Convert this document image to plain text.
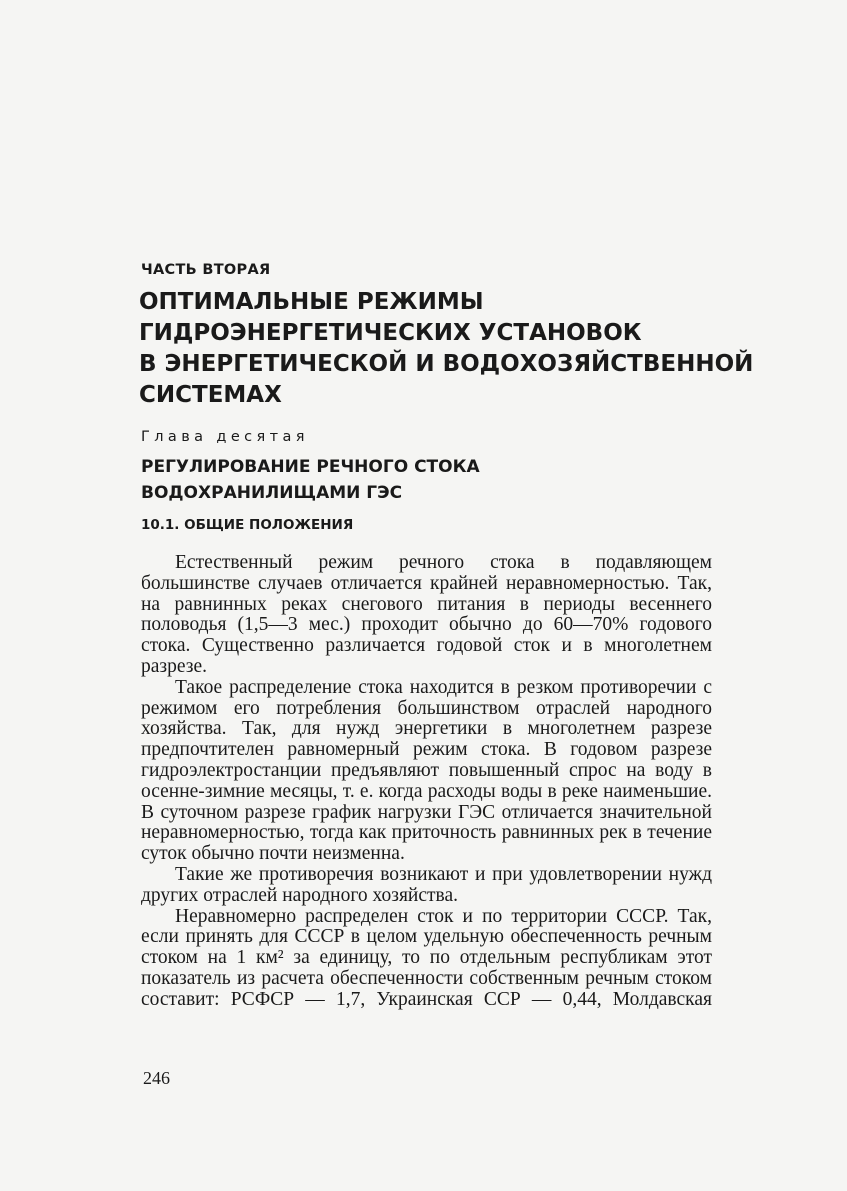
ЧАСТЬ ВТОРАЯ
ОПТИМАЛЬНЫЕ РЕЖИМЫ
ГИДРОЭНЕРГЕТИЧЕСКИХ УСТАНОВОК
В ЭНЕРГЕТИЧЕСКОЙ И ВОДОХОЗЯЙСТВЕННОЙ
СИСТЕМАХ
Глава десятая
РЕГУЛИРОВАНИЕ РЕЧНОГО СТОКА
ВОДОХРАНИЛИЩАМИ ГЭС
10.1. ОБЩИЕ ПОЛОЖЕНИЯ

Естественный режим речного стока в подавляющем большинстве случаев отличается крайней неравномерностью. Так, на равнинных реках снегового питания в периоды весеннего половодья (1,5—3 мес.) проходит обычно до 60—70% годового стока. Существенно различается годовой сток и в многолетнем разрезе.

Такое распределение стока находится в резком противоречии с режимом его потребления большинством отраслей народного хозяйства. Так, для нужд энергетики в многолетнем разрезе предпочтителен равномерный режим стока. В годовом разрезе гидроэлектростанции предъявляют повышенный спрос на воду в осенне-зимние месяцы, т. е. когда расходы воды в реке наименьшие. В суточном разрезе график нагрузки ГЭС отличается значительной неравномерностью, тогда как приточность равнинных рек в течение суток обычно почти неизменна.

Такие же противоречия возникают и при удовлетворении нужд других отраслей народного хозяйства.

Неравномерно распределен сток и по территории СССР. Так, если принять для СССР в целом удельную обеспеченность речным стоком на 1 км² за единицу, то по отдельным республикам этот показатель из расчета обеспеченности собственным речным стоком составит: РСФСР — 1,7, Украинская ССР — 0,44, Молдавская

246
